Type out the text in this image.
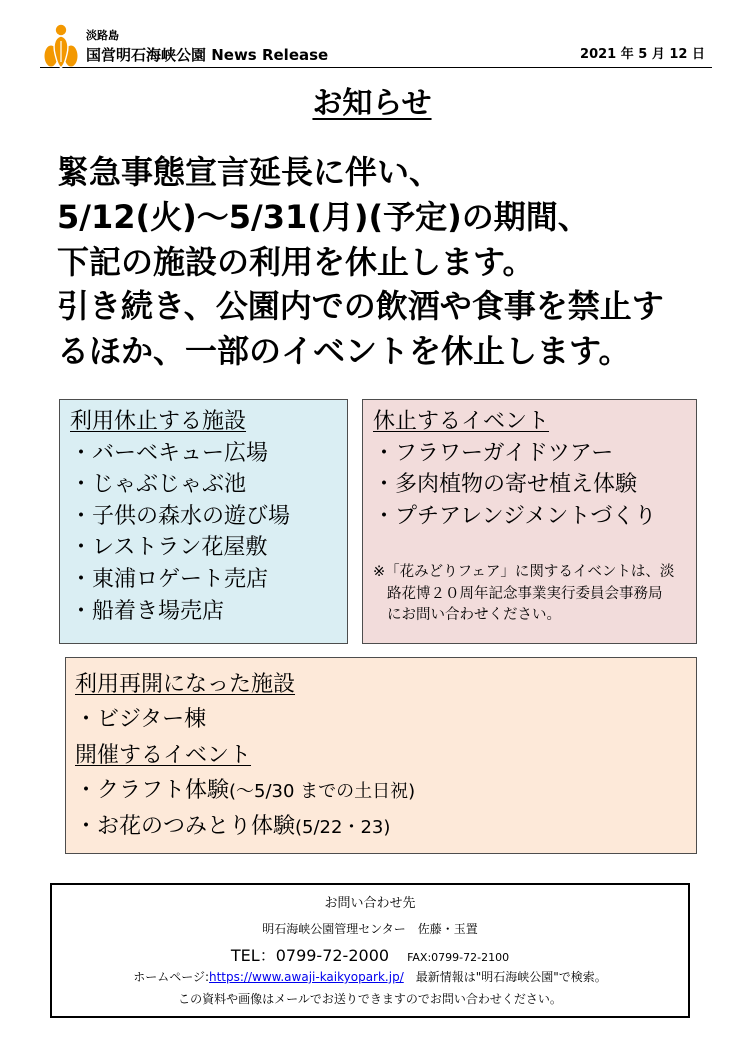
淡路島
国営明石海峡公園 News Release	2021 年 5 月 12 日
お知らせ
緊急事態宣言延長に伴い、
5/12(火)～5/31(月)(予定)の期間、
下記の施設の利用を休止します。
引き続き、公園内での飲酒や食事を禁止す
るほか、一部のイベントを休止します。
利用休止する施設
・バーベキュー広場
・じゃぶじゃぶ池
・子供の森水の遊び場
・レストラン花屋敷
・東浦ロゲート売店
・船着き場売店
休止するイベント
・フラワーガイドツアー
・多肉植物の寄せ植え体験
・プチアレンジメントづくり
※「花みどりフェア」に関するイベントは、淡
路花博２０周年記念事業実行委員会事務局
にお問い合わせください。
利用再開になった施設
・ビジター棟
開催するイベント
・クラフト体験(～5/30 までの土日祝)
・お花のつみとり体験(5/22・23)
お問い合わせ先
明石海峡公園管理センター　佐藤・玉置
TEL：0799-72-2000 FAX:0799-72-2100
ホームページ:https://www.awaji-kaikyopark.jp/　最新情報は"明石海峡公園"で検索。
この資料や画像はメールでお送りできますのでお問い合わせください。
